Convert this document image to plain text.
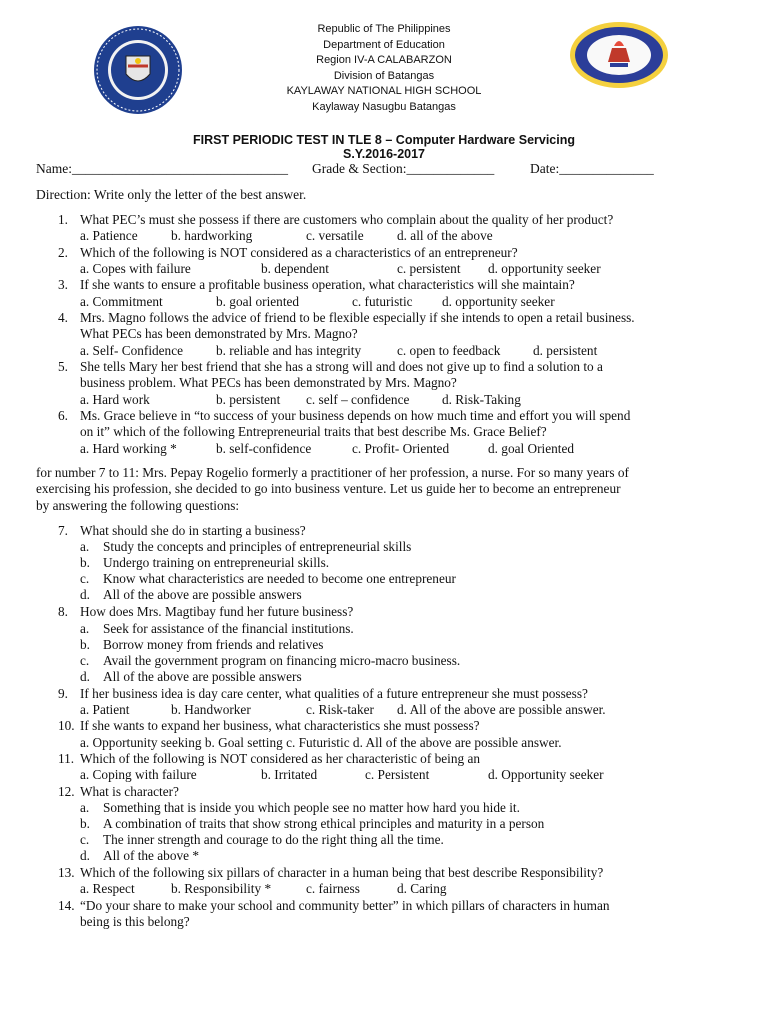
Republic of The Philippines
Department of Education
Region IV-A CALABARZON
Division of Batangas
KAYLAWAY NATIONAL HIGH SCHOOL
Kaylaway Nasugbu Batangas
FIRST PERIODIC TEST IN TLE 8 – Computer Hardware Servicing
S.Y.2016-2017
Name:________________________________ Grade & Section:_____________	Date:______________
Direction: Write only the letter of the best answer.
1. What PEC’s must she possess if there are customers who complain about the quality of her product?
a. Patience	b. hardworking	c. versatile	d. all of the above
2. Which of the following is NOT considered as a characteristics of an entrepreneur?
a. Copes with failure	b. dependent	c. persistent d. opportunity seeker
3. If she wants to ensure a profitable business operation, what characteristics will she maintain?
a. Commitment	b. goal oriented	c. futuristic d. opportunity seeker
4. Mrs. Magno follows the advice of friend to be flexible especially if she intends to open a retail business.
What PECs has been demonstrated by Mrs. Magno?
a. Self- Confidence b. reliable and has integrity	c. open to feedback d. persistent
5. She tells Mary her best friend that she has a strong will and does not give up to find a solution to a
business problem. What PECs has been demonstrated by Mrs. Magno?
a. Hard work	b. persistent c. self – confidence d. Risk-Taking
6. Ms. Grace believe in “to success of your business depends on how much time and effort you will spend
on it” which of the following Entrepreneurial traits that best describe Ms. Grace Belief?
a. Hard working *	b. self-confidence	c. Profit- Oriented	d. goal Oriented
for number 7 to 11: Mrs. Pepay Rogelio formerly a practitioner of her profession, a nurse. For so many years of
exercising his profession, she decided to go into business venture. Let us guide her to become an entrepreneur
by answering the following questions:
7. What should she do in starting a business?
a. Study the concepts and principles of entrepreneurial skills
b. Undergo training on entrepreneurial skills.
c. Know what characteristics are needed to become one entrepreneur
d. All of the above are possible answers
8. How does Mrs. Magtibay fund her future business?
a. Seek for assistance of the financial institutions.
b. Borrow money from friends and relatives
c. Avail the government program on financing micro-macro business.
d. All of the above are possible answers
9. If her business idea is day care center, what qualities of a future entrepreneur she must possess?
a. Patient	b. Handworker	c. Risk-taker d. All of the above are possible answer.
10. If she wants to expand her business, what characteristics she must possess?
a. Opportunity seeking b. Goal setting c. Futuristic d. All of the above are possible answer.
11. Which of the following is NOT considered as her characteristic of being an
a. Coping with failure	b. Irritated	c. Persistent	d. Opportunity seeker
12. What is character?
a. Something that is inside you which people see no matter how hard you hide it.
b. A combination of traits that show strong ethical principles and maturity in a person
c. The inner strength and courage to do the right thing all the time.
d. All of the above *
13. Which of the following six pillars of character in a human being that best describe Responsibility?
a. Respect	b. Responsibility *	c. fairness	d. Caring
14. “Do your share to make your school and community better” in which pillars of characters in human
being is this belong?
